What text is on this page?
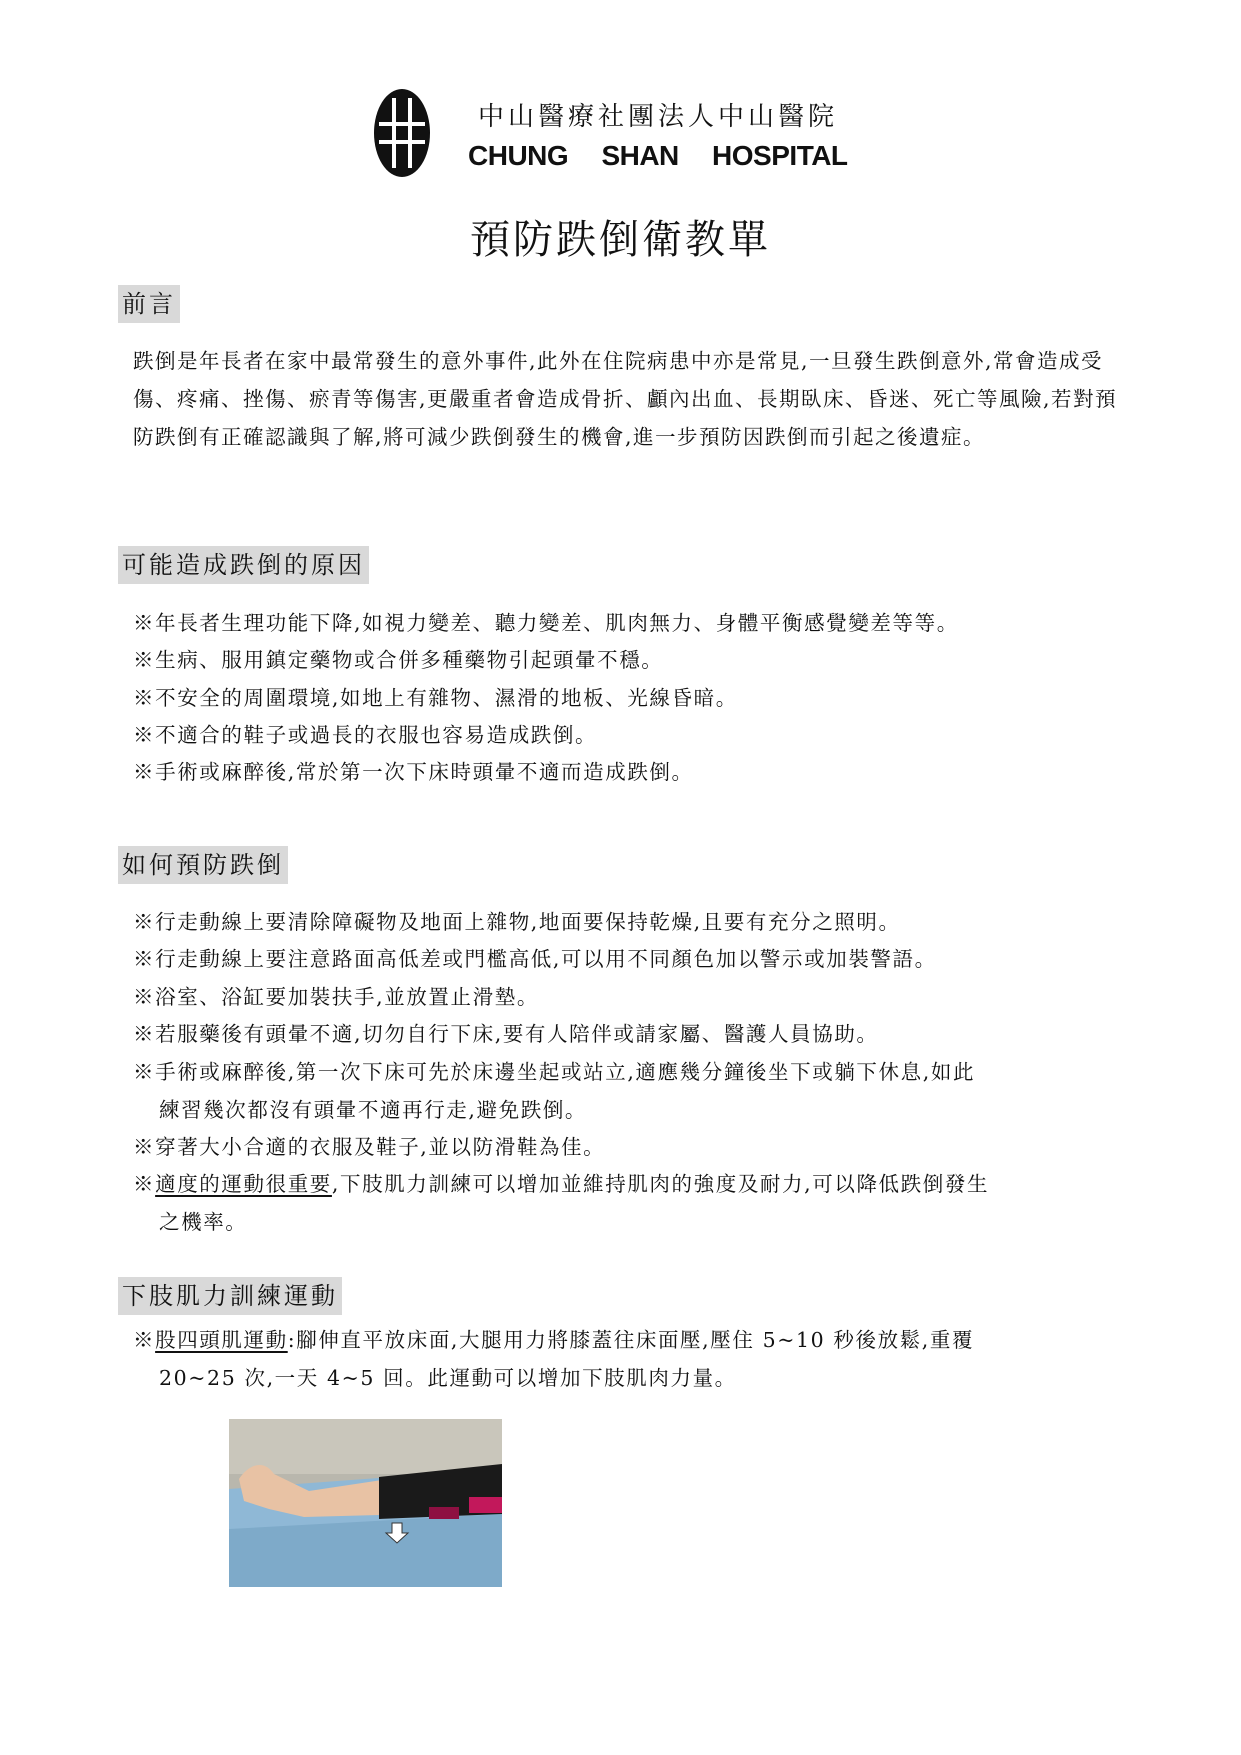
中山醫療社團法人中山醫院
CHUNG SHAN HOSPITAL
預防跌倒衛教單
前言
跌倒是年長者在家中最常發生的意外事件,此外在住院病患中亦是常見,一旦發生跌倒意外,常會造成受傷、疼痛、挫傷、瘀青等傷害,更嚴重者會造成骨折、顱內出血、長期臥床、昏迷、死亡等風險,若對預防跌倒有正確認識與了解,將可減少跌倒發生的機會,進一步預防因跌倒而引起之後遺症。
可能造成跌倒的原因
※年長者生理功能下降,如視力變差、聽力變差、肌肉無力、身體平衡感覺變差等等。
※生病、服用鎮定藥物或合併多種藥物引起頭暈不穩。
※不安全的周圍環境,如地上有雜物、濕滑的地板、光線昏暗。
※不適合的鞋子或過長的衣服也容易造成跌倒。
※手術或麻醉後,常於第一次下床時頭暈不適而造成跌倒。
如何預防跌倒
※行走動線上要清除障礙物及地面上雜物,地面要保持乾燥,且要有充分之照明。
※行走動線上要注意路面高低差或門檻高低,可以用不同顏色加以警示或加裝警語。
※浴室、浴缸要加裝扶手,並放置止滑墊。
※若服藥後有頭暈不適,切勿自行下床,要有人陪伴或請家屬、醫護人員協助。
※手術或麻醉後,第一次下床可先於床邊坐起或站立,適應幾分鐘後坐下或躺下休息,如此
練習幾次都沒有頭暈不適再行走,避免跌倒。
※穿著大小合適的衣服及鞋子,並以防滑鞋為佳。
※適度的運動很重要,下肢肌力訓練可以增加並維持肌肉的強度及耐力,可以降低跌倒發生
之機率。
下肢肌力訓練運動
※股四頭肌運動:腳伸直平放床面,大腿用力將膝蓋往床面壓,壓住 5~10 秒後放鬆,重覆
20~25 次,一天 4~5 回。此運動可以增加下肢肌肉力量。
